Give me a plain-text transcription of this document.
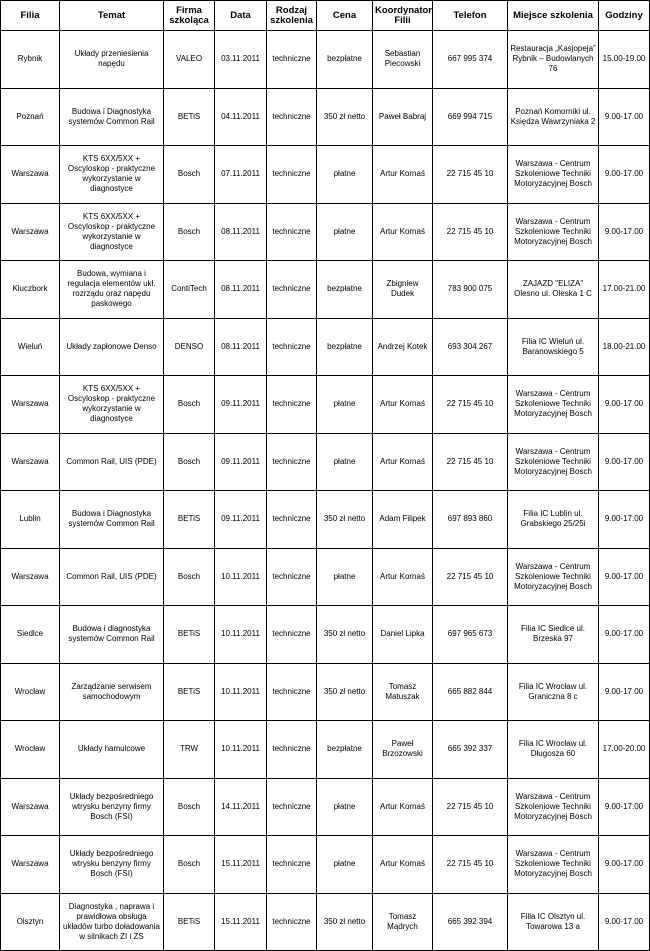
Filia	Temat	Firma szkoląca	Data	Rodzaj szkolenia	Cena	Koordynator Filii	Telefon	Miejsce szkolenia	Godziny
Rybnik	Układy przeniesienia napędu	VALEO	03.11.2011	techniczne	bezpłatne	Sebastian Piecowski	667 995 374	Restauracja „Kasjopeja” Rybnik – Budowlanych 76	15.00-19.00
Poznań	Budowa i Diagnostyka systemów Common Rail	BETiS	04.11.2011	techniczne	350 zł netto	Paweł Babraj	669 994 715	Poznań Komorniki ul. Księdza Wawrzyniaka 2	9.00-17.00
Warszawa	KTS 6XX/5XX + Oscyloskop - praktyczne wykorzystanie w diagnostyce	Bosch	07.11.2011	techniczne	płatne	Artur Kornaś	22 715 45 10	Warszawa - Centrum Szkoleniowe Techniki Motoryzacyjnej Bosch	9.00-17.00
Warszawa	KTS 6XX/5XX + Oscyloskop - praktyczne wykorzystanie w diagnostyce	Bosch	08.11.2011	techniczne	płatne	Artur Kornaś	22 715 45 10	Warszawa - Centrum Szkoleniowe Techniki Motoryzacyjnej Bosch	9.00-17.00
Kluczbork	Budowa, wymiana i regulacja elementów ukł. rozrządu oraz napędu paskowego	ContiTech	08.11.2011	techniczne	bezpłatne	Zbigniew Dudek	783 900 075	ZAJAZD "ELIZA" Olesno ul. Oleska 1 C	17.00-21.00
Wieluń	Układy zapłonowe Denso	DENSO	08.11.2011	techniczne	bezpłatne	Andrzej Kotek	693 304 267	Filia IC Wieluń ul. Baranowskiego 5	18.00-21.00
Warszawa	KTS 6XX/5XX + Oscyloskop - praktyczne wykorzystanie w diagnostyce	Bosch	09.11.2011	techniczne	płatne	Artur Kornaś	22 715 45 10	Warszawa - Centrum Szkoleniowe Techniki Motoryzacyjnej Bosch	9.00-17.00
Warszawa	Common Rail, UIS (PDE)	Bosch	09.11.2011	techniczne	płatne	Artur Kornaś	22 715 45 10	Warszawa - Centrum Szkoleniowe Techniki Motoryzacyjnej Bosch	9.00-17.00
Lublin	Budowa i Diagnostyka systemów Common Rail	BETiS	09.11.2011	techniczne	350 zł netto	Adam Filipek	697 893 860	Filia IC Lublin ul. Grabskiego 25/25i	9.00-17.00
Warszawa	Common Rail, UIS (PDE)	Bosch	10.11.2011	techniczne	płatne	Artur Kornaś	22 715 45 10	Warszawa - Centrum Szkoleniowe Techniki Motoryzacyjnej Bosch	9.00-17.00
Siedlce	Budowa i diagnostyka systemów Common Rail	BETiS	10.11.2011	techniczne	350 zł netto	Daniel Lipka	697 965 673	Filia IC Siedlce ul. Brzeska 97	9.00-17.00
Wrocław	Zarządzanie serwisem samochodowym	BETiS	10.11.2011	techniczne	350 zł netto	Tomasz Matuszak	665 882 844	Filia IC Wrocław ul. Graniczna 8 c	9.00-17.00
Wrocław	Układy hamulcowe	TRW	10.11.2011	techniczne	bezpłatne	Paweł Brzozowski	665 392 337	Filia IC Wrocław ul. Długosza 60	17.00-20.00
Warszawa	Układy bezpośredniego wtrysku benzyny firmy Bosch (FSI)	Bosch	14.11.2011	techniczne	płatne	Artur Kornaś	22 715 45 10	Warszawa - Centrum Szkoleniowe Techniki Motoryzacyjnej Bosch	9.00-17.00
Warszawa	Układy bezpośredniego wtrysku benzyny firmy Bosch (FSI)	Bosch	15.11.2011	techniczne	płatne	Artur Kornaś	22 715 45 10	Warszawa - Centrum Szkoleniowe Techniki Motoryzacyjnej Bosch	9.00-17.00
Olsztyn	Diagnostyka , naprawa i prawidłowa obsługa układów turbo doładowania w silnikach ZI i ZS	BETiS	15.11.2011	techniczne	350 zł netto	Tomasz Mądrych	665 392 394	Filia IC Olsztyn ul. Towarowa 13 a	9.00-17.00
